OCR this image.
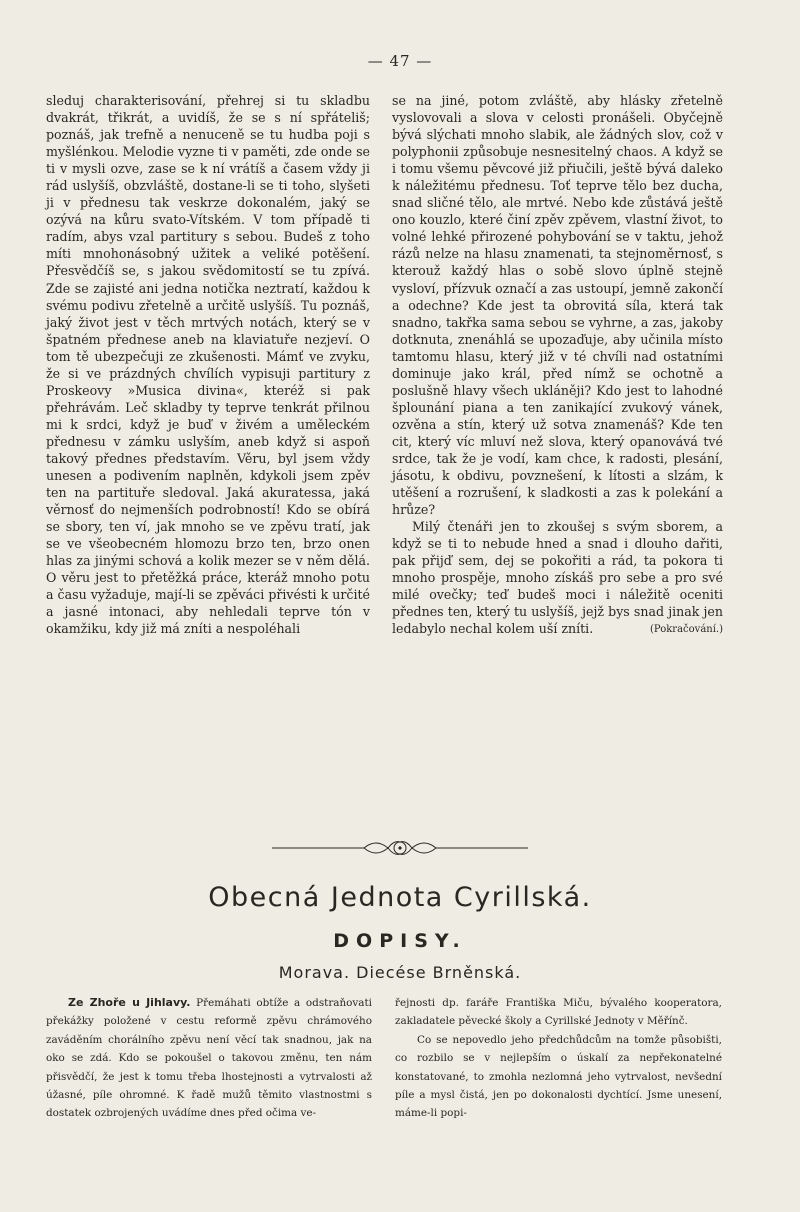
— 47 —

sleduj charakterisování, přehrej si tu skladbu dvakrát, třikrát, a uvidíš, že se s ní spřáteliš; poznáš, jak trefně a nenuceně se tu hudba poji s myšlénkou. Melodie vyzne ti v paměti, zde onde se ti v mysli ozve, zase se k ní vrátíš a časem vždy ji rád uslyšíš, obzvláště, dostane-li se ti toho, slyšeti ji v přednesu tak veskrze dokonalém, jaký se ozývá na kůru svato-Vítském. V tom případě ti radím, abys vzal partitury s sebou. Budeš z toho míti mnohonásobný užitek a veliké potěšení. Přesvědčíš se, s jakou svědomitostí se tu zpívá. Zde se zajisté ani jedna notička neztratí, každou k svému podivu zřetelně a určitě uslyšíš. Tu poznáš, jaký život jest v těch mrtvých notách, který se v špatném přednese aneb na klaviatuře nezjeví. O tom tě ubezpečuji ze zkušenosti. Mámť ve zvyku, že si ve prázdných chvílích vypisuji partitury z Proskeovy »Musica divina«, kteréž si pak přehrávám. Leč skladby ty teprve tenkrát přilnou mi k srdci, když je buď v živém a uměleckém přednesu v zámku uslyším, aneb když si aspoň takový přednes představím. Věru, byl jsem vždy unesen a podivením naplněn, kdykoli jsem zpěv ten na partituře sledoval. Jaká akuratessa, jaká věrnosť do nejmenších podrobností! Kdo se obírá se sbory, ten ví, jak mnoho se ve zpěvu tratí, jak se ve všeobecném hlomozu brzo ten, brzo onen hlas za jinými schová a kolik mezer se v něm dělá. O věru jest to přetěžká práce, kteráž mnoho potu a času vyžaduje, mají-li se zpěváci přivésti k určité a jasné intonaci, aby nehledali teprve tón v okamžiku, kdy již má zníti a nespoléhali

se na jiné, potom zvláště, aby hlásky zřetelně vyslovovali a slova v celosti pronášeli. Obyčejně bývá slýchati mnoho slabik, ale žádných slov, což v polyphonii způsobuje nesnesitelný chaos. A když se i tomu všemu pěvcové již přiučili, ještě bývá daleko k náležitému přednesu. Toť teprve tělo bez ducha, snad sličné tělo, ale mrtvé. Nebo kde zůstává ještě ono kouzlo, které činí zpěv zpěvem, vlastní život, to volné lehké přirozené pohybování se v taktu, jehož rázů nelze na hlasu znamenati, ta stejnoměrnosť, s kterouž každý hlas o sobě slovo úplně stejně vysloví, přízvuk označí a zas ustoupí, jemně zakončí a odechne? Kde jest ta obrovitá síla, která tak snadno, takřka sama sebou se vyhrne, a zas, jakoby dotknuta, znenáhlá se upozaďuje, aby učinila místo tamtomu hlasu, který již v té chvíli nad ostatními dominuje jako král, před nímž se ochotně a poslušně hlavy všech ukláněji? Kdo jest to lahodné šplounání piana a ten zanikající zvukový vánek, ozvěna a stín, který už sotva znamenáš? Kde ten cit, který víc mluví než slova, který opanovává tvé srdce, tak že je vodí, kam chce, k radosti, plesání, jásotu, k obdivu, povznešení, k lítosti a slzám, k utěšení a rozrušení, k sladkosti a zas k polekání a hrůze?

Milý čtenáři jen to zkoušej s svým sborem, a když se ti to nebude hned a snad i dlouho dařiti, pak přijď sem, dej se pokořiti a rád, ta pokora ti mnoho prospěje, mnoho získáš pro sebe a pro své milé ovečky; teď budeš moci i náležitě oceniti přednes ten, který tu uslyšíš, jejž bys snad jinak jen ledabylo nechal kolem uší zníti.	(Pokračování.)

Obecná Jednota Cyrillská.
DOPISY.
Morava. Diecése Brněnská.

Ze Zhoře u Jihlavy. Přemáhati obtíže a odstraňovati překážky položené v cestu reformě zpěvu chrámového zaváděním chorálního zpěvu není věcí tak snadnou, jak na oko se zdá. Kdo se pokoušel o takovou změnu, ten nám přisvědčí, že jest k tomu třeba lhostejnosti a vytrvalosti až úžasné, píle ohromné. K řadě mužů těmito vlastnostmi s dostatek ozbrojených uvádíme dnes před očima ve-

řejnosti dp. faráře Františka Miču, bývalého kooperatora, zakladatele pěvecké školy a Cyrillské Jednoty v Měřínč.

Co se nepovedlo jeho předchůdcům na tomže působišti, co rozbilo se v nejlepším o úskalí za nepřekonatelné konstatované, to zmohla nezlomná jeho vytrvalost, nevšední píle a mysl čistá, jen po dokonalosti dychtící. Jsme unesení, máme-li popi-
